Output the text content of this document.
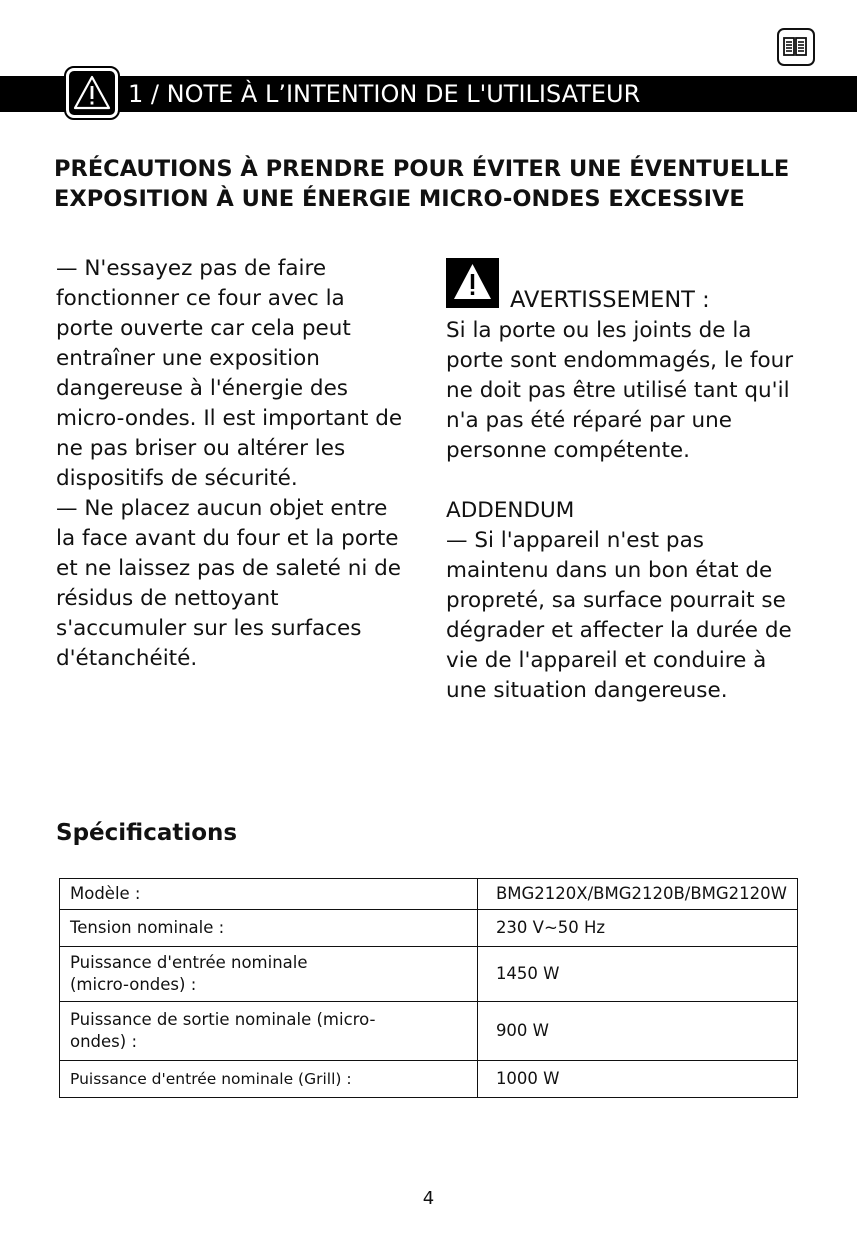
1 / NOTE À L’INTENTION DE L'UTILISATEUR
PRÉCAUTIONS À PRENDRE POUR ÉVITER UNE ÉVENTUELLE EXPOSITION À UNE ÉNERGIE MICRO-ONDES EXCESSIVE

— N'essayez pas de faire fonctionner ce four avec la porte ouverte car cela peut entraîner une exposition dangereuse à l'énergie des micro-ondes. Il est important de ne pas briser ou altérer les dispositifs de sécurité.

— Ne placez aucun objet entre la face avant du four et la porte et ne laissez pas de saleté ni de résidus de nettoyant s'accumuler sur les surfaces d'étanchéité.

AVERTISSEMENT :

Si la porte ou les joints de la porte sont endommagés, le four ne doit pas être utilisé tant qu'il n'a pas été réparé par une personne compétente.

ADDENDUM

— Si l'appareil n'est pas maintenu dans un bon état de propreté, sa surface pourrait se dégrader et affecter la durée de vie de l'appareil et conduire à une situation dangereuse.

Spécifications
Modèle :	BMG2120X/BMG2120B/BMG2120W
Tension nominale :	230 V~50 Hz
Puissance d'entrée nominale (micro-ondes) :	1450 W
Puissance de sortie nominale (micro-ondes) :	900 W
Puissance d'entrée nominale (Grill) :	1000 W
4
